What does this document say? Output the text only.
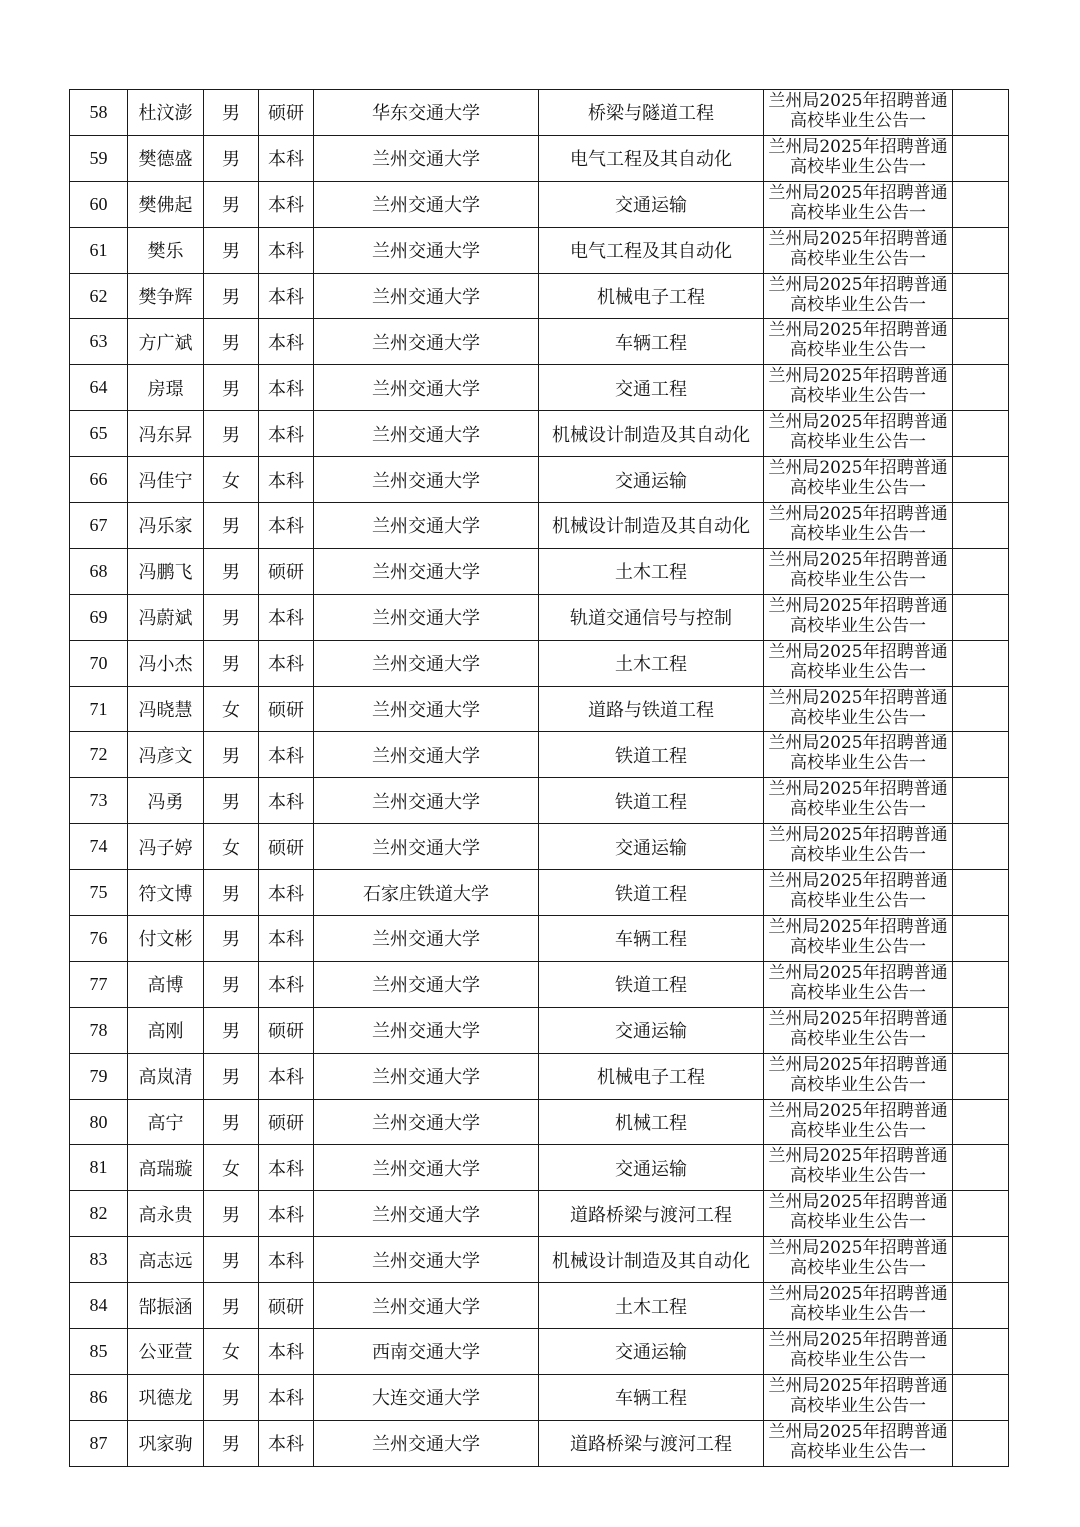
58	杜汶澎	男	硕研	华东交通大学	桥梁与隧道工程	兰州局2025年招聘普通
高校毕业生公告一	

59	樊德盛	男	本科	兰州交通大学	电气工程及其自动化	兰州局2025年招聘普通
高校毕业生公告一	

60	樊佛起	男	本科	兰州交通大学	交通运输	兰州局2025年招聘普通
高校毕业生公告一	

61	樊乐	男	本科	兰州交通大学	电气工程及其自动化	兰州局2025年招聘普通
高校毕业生公告一	

62	樊争辉	男	本科	兰州交通大学	机械电子工程	兰州局2025年招聘普通
高校毕业生公告一	

63	方广斌	男	本科	兰州交通大学	车辆工程	兰州局2025年招聘普通
高校毕业生公告一	

64	房璟	男	本科	兰州交通大学	交通工程	兰州局2025年招聘普通
高校毕业生公告一	

65	冯东昇	男	本科	兰州交通大学	机械设计制造及其自动化	兰州局2025年招聘普通
高校毕业生公告一	

66	冯佳宁	女	本科	兰州交通大学	交通运输	兰州局2025年招聘普通
高校毕业生公告一	

67	冯乐家	男	本科	兰州交通大学	机械设计制造及其自动化	兰州局2025年招聘普通
高校毕业生公告一	

68	冯鹏飞	男	硕研	兰州交通大学	土木工程	兰州局2025年招聘普通
高校毕业生公告一	

69	冯蔚斌	男	本科	兰州交通大学	轨道交通信号与控制	兰州局2025年招聘普通
高校毕业生公告一	

70	冯小杰	男	本科	兰州交通大学	土木工程	兰州局2025年招聘普通
高校毕业生公告一	

71	冯晓慧	女	硕研	兰州交通大学	道路与铁道工程	兰州局2025年招聘普通
高校毕业生公告一	

72	冯彦文	男	本科	兰州交通大学	铁道工程	兰州局2025年招聘普通
高校毕业生公告一	

73	冯勇	男	本科	兰州交通大学	铁道工程	兰州局2025年招聘普通
高校毕业生公告一	

74	冯子婷	女	硕研	兰州交通大学	交通运输	兰州局2025年招聘普通
高校毕业生公告一	

75	符文博	男	本科	石家庄铁道大学	铁道工程	兰州局2025年招聘普通
高校毕业生公告一	

76	付文彬	男	本科	兰州交通大学	车辆工程	兰州局2025年招聘普通
高校毕业生公告一	

77	高博	男	本科	兰州交通大学	铁道工程	兰州局2025年招聘普通
高校毕业生公告一	

78	高刚	男	硕研	兰州交通大学	交通运输	兰州局2025年招聘普通
高校毕业生公告一	

79	高岚清	男	本科	兰州交通大学	机械电子工程	兰州局2025年招聘普通
高校毕业生公告一	

80	高宁	男	硕研	兰州交通大学	机械工程	兰州局2025年招聘普通
高校毕业生公告一	

81	高瑞璇	女	本科	兰州交通大学	交通运输	兰州局2025年招聘普通
高校毕业生公告一	

82	高永贵	男	本科	兰州交通大学	道路桥梁与渡河工程	兰州局2025年招聘普通
高校毕业生公告一	

83	高志远	男	本科	兰州交通大学	机械设计制造及其自动化	兰州局2025年招聘普通
高校毕业生公告一	

84	郜振涵	男	硕研	兰州交通大学	土木工程	兰州局2025年招聘普通
高校毕业生公告一	

85	公亚萱	女	本科	西南交通大学	交通运输	兰州局2025年招聘普通
高校毕业生公告一	

86	巩德龙	男	本科	大连交通大学	车辆工程	兰州局2025年招聘普通
高校毕业生公告一	

87	巩家驹	男	本科	兰州交通大学	道路桥梁与渡河工程	兰州局2025年招聘普通
高校毕业生公告一	
